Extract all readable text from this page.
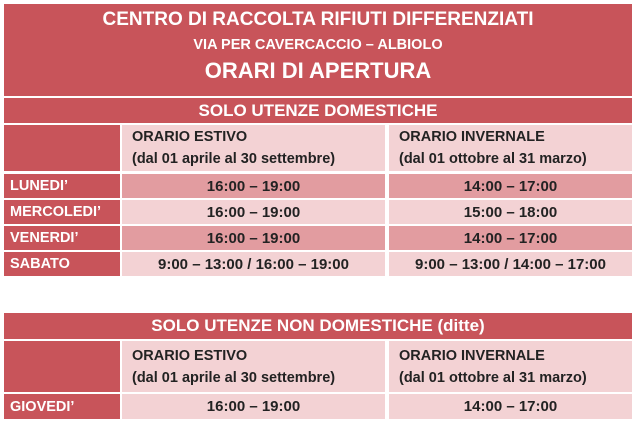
CENTRO DI RACCOLTA RIFIUTI DIFFERENZIATI
VIA PER CAVERCACCIO – ALBIOLO
ORARI DI APERTURA
SOLO UTENZE DOMESTICHE
ORARIO ESTIVO
(dal 01 aprile al 30 settembre)
ORARIO INVERNALE
(dal 01 ottobre al 31 marzo)
LUNEDI’	16:00 – 19:00	14:00 – 17:00
MERCOLEDI’	16:00 – 19:00	15:00 – 18:00
VENERDI’	16:00 – 19:00	14:00 – 17:00
SABATO	9:00 – 13:00 / 16:00 – 19:00	9:00 – 13:00 / 14:00 – 17:00
SOLO UTENZE NON DOMESTICHE (ditte)
ORARIO ESTIVO
(dal 01 aprile al 30 settembre)
ORARIO INVERNALE
(dal 01 ottobre al 31 marzo)
GIOVEDI’	16:00 – 19:00	14:00 – 17:00
